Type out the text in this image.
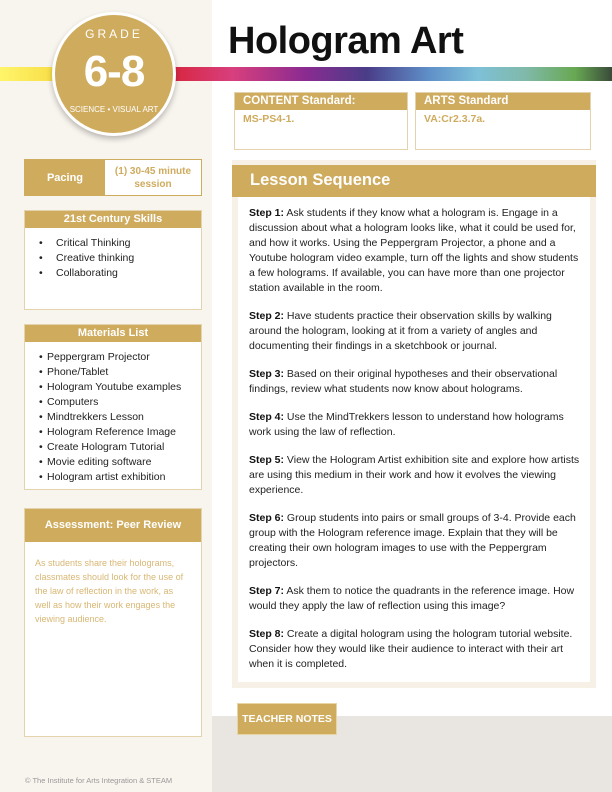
GRADE
6-8
SCIENCE • VISUAL ART
Hologram Art
CONTENT Standard:
MS-PS4-1.
ARTS Standard
VA:Cr2.3.7a.
Pacing
(1) 30-45 minute session
21st Century Skills
• Critical Thinking
• Creative thinking
• Collaborating
Materials List
• Peppergram Projector
• Phone/Tablet
• Hologram Youtube examples
• Computers
• Mindtrekkers Lesson
• Hologram Reference Image
• Create Hologram Tutorial
• Movie editing software
• Hologram artist exhibition
Assessment: Peer Review
As students share their holograms, classmates should look for the use of the law of reflection in the work, as well as how their work engages the viewing audience.
Lesson Sequence

Step 1: Ask students if they know what a hologram is. Engage in a discussion about what a hologram looks like, what it could be used for, and how it works. Using the Peppergram Projector, a phone and a Youtube hologram video example, turn off the lights and show students a few holograms. If available, you can have more than one projector station available in the room.

Step 2: Have students practice their observation skills by walking around the hologram, looking at it from a variety of angles and documenting their findings in a sketchbook or journal.

Step 3: Based on their original hypotheses and their observational findings, review what students now know about holograms.

Step 4: Use the MindTrekkers lesson to understand how holograms work using the law of reflection.

Step 5: View the Hologram Artist exhibition site and explore how artists are using this medium in their work and how it evolves the viewing experience.

Step 6: Group students into pairs or small groups of 3-4. Provide each group with the Hologram reference image. Explain that they will be creating their own hologram images to use with the Peppergram projectors.

Step 7: Ask them to notice the quadrants in the reference image. How would they apply the law of reflection using this image?

Step 8: Create a digital hologram using the hologram tutorial website. Consider how they would like their audience to interact with their art when it is completed.

TEACHER NOTES
© The Institute for Arts Integration & STEAM
